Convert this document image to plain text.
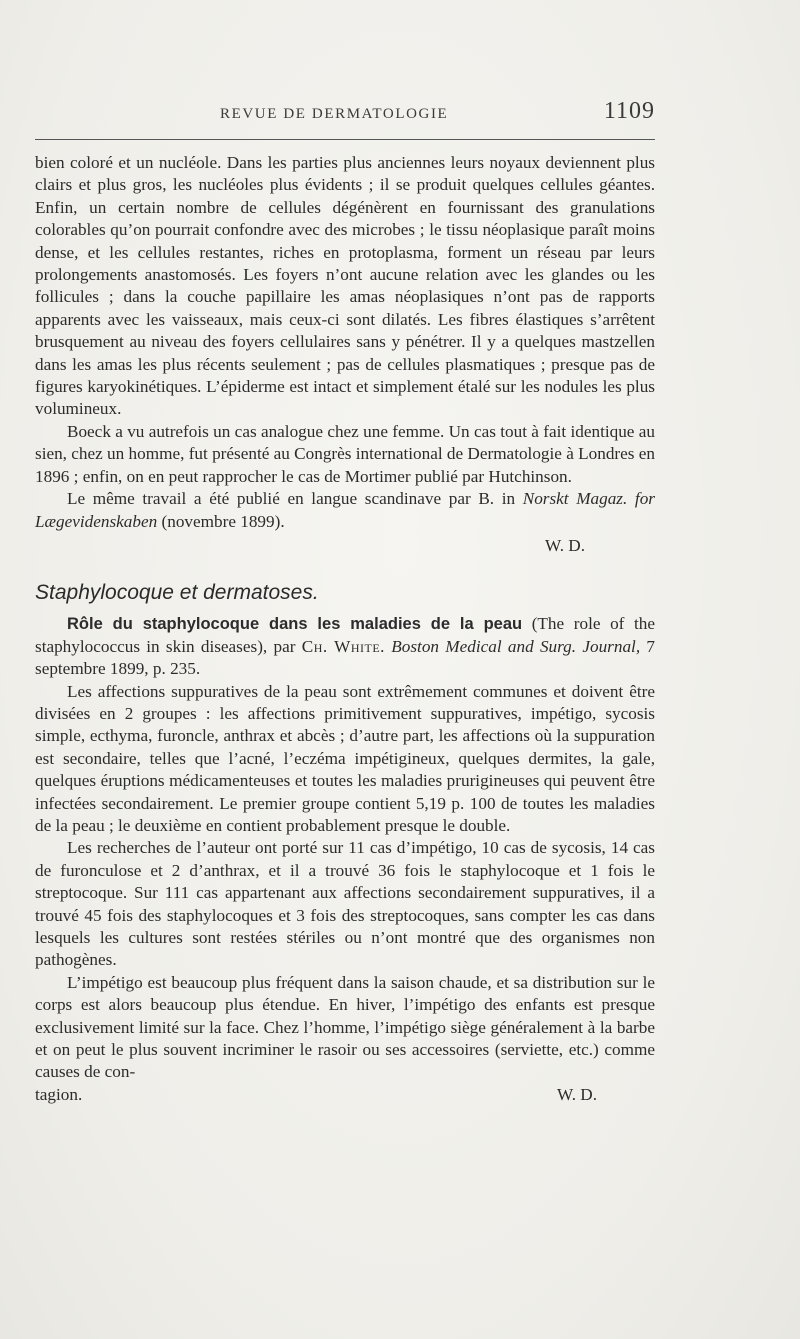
REVUE DE DERMATOLOGIE	1109

bien coloré et un nucléole. Dans les parties plus anciennes leurs noyaux deviennent plus clairs et plus gros, les nucléoles plus évidents ; il se produit quelques cellules géantes. Enfin, un certain nombre de cellules dégénèrent en fournissant des granulations colorables qu’on pourrait confondre avec des microbes ; le tissu néoplasique paraît moins dense, et les cellules restantes, riches en protoplasma, forment un réseau par leurs prolongements anastomosés. Les foyers n’ont aucune relation avec les glandes ou les follicules ; dans la couche papillaire les amas néoplasiques n’ont pas de rapports apparents avec les vaisseaux, mais ceux-ci sont dilatés. Les fibres élastiques s’arrêtent brusquement au niveau des foyers cellulaires sans y pénétrer. Il y a quelques mastzellen dans les amas les plus récents seulement ; pas de cellules plasmatiques ; presque pas de figures karyokinétiques. L’épiderme est intact et simplement étalé sur les nodules les plus volumineux.

Boeck a vu autrefois un cas analogue chez une femme. Un cas tout à fait identique au sien, chez un homme, fut présenté au Congrès international de Dermatologie à Londres en 1896 ; enfin, on en peut rapprocher le cas de Mortimer publié par Hutchinson.

Le même travail a été publié en langue scandinave par B. in Norskt Magaz. for Lægevidenskaben (novembre 1899).

W. D.
Staphylocoque et dermatoses.

Rôle du staphylocoque dans les maladies de la peau (The role of the staphylococcus in skin diseases), par Ch. White. Boston Medical and Surg. Journal, 7 septembre 1899, p. 235.

Les affections suppuratives de la peau sont extrêmement communes et doivent être divisées en 2 groupes : les affections primitivement suppuratives, impétigo, sycosis simple, ecthyma, furoncle, anthrax et abcès ; d’autre part, les affections où la suppuration est secondaire, telles que l’acné, l’eczéma impétigineux, quelques dermites, la gale, quelques éruptions médicamenteuses et toutes les maladies prurigineuses qui peuvent être infectées secondairement. Le premier groupe contient 5,19 p. 100 de toutes les maladies de la peau ; le deuxième en contient probablement presque le double.

Les recherches de l’auteur ont porté sur 11 cas d’impétigo, 10 cas de sycosis, 14 cas de furonculose et 2 d’anthrax, et il a trouvé 36 fois le staphylocoque et 1 fois le streptocoque. Sur 111 cas appartenant aux affections secondairement suppuratives, il a trouvé 45 fois des staphylocoques et 3 fois des streptocoques, sans compter les cas dans lesquels les cultures sont restées stériles ou n’ont montré que des organismes non pathogènes.

L’impétigo est beaucoup plus fréquent dans la saison chaude, et sa distribution sur le corps est alors beaucoup plus étendue. En hiver, l’impétigo des enfants est presque exclusivement limité sur la face. Chez l’homme, l’impétigo siège généralement à la barbe et on peut le plus souvent incriminer le rasoir ou ses accessoires (serviette, etc.) comme causes de con-

tagion.	W. D.
